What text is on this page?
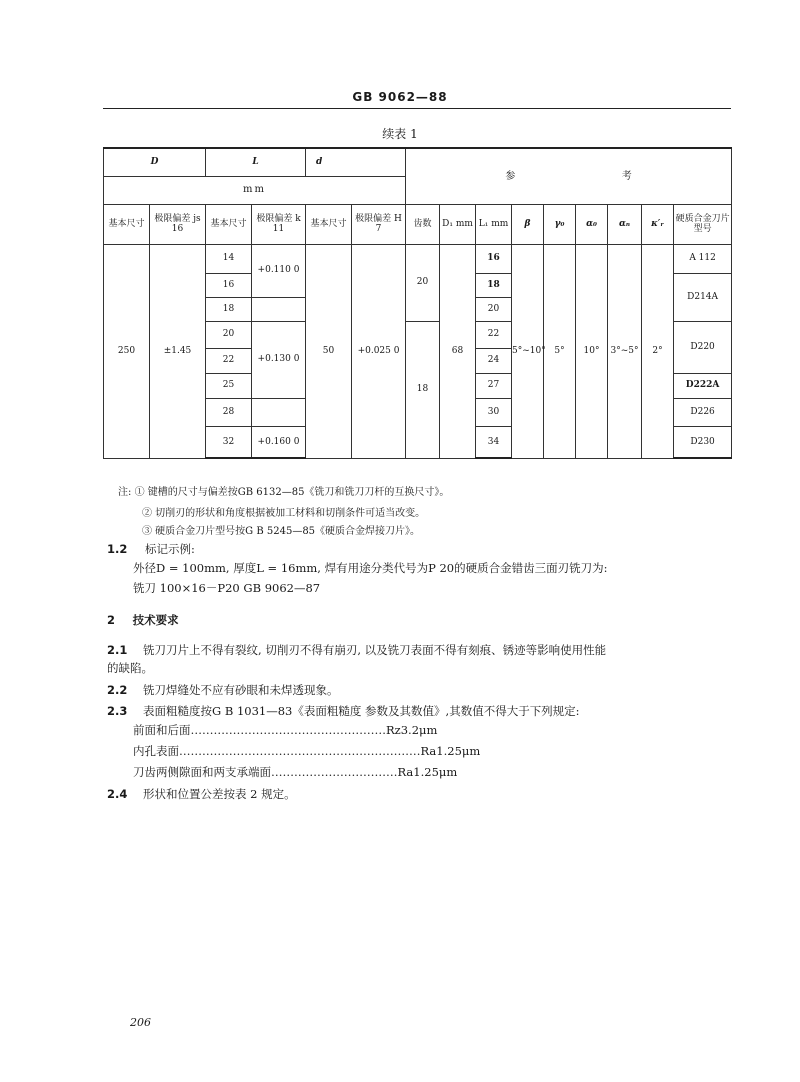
GB 9062—88
续表 1
D		L		d		参 考								
mm														
基本尺寸	极限偏差 js 16	基本尺寸	极限偏差 k 11	基本尺寸	极限偏差 H 7	齿数	D₁ mm	L₁ mm	β	γ₀	α₀	αₙ	κ′ᵣ	硬质合金刀片型号
250	±1.45	14	+0.110 0	50	+0.025 0	20	68	16	5°~10°	5°	10°	3°~5°	2°	A 112
		16						18						D214A
		18						20						
		20	+0.130 0			18		22						D220
		22						24						
		25						27						D222A
		28						30						D226
		32	+0.160 0					34						D230
注: ① 键槽的尺寸与偏差按GB 6132—85《铣刀和铣刀刀杆的互换尺寸》。
② 切削刃的形状和角度根据被加工材料和切削条件可适当改变。
③ 硬质合金刀片型号按G B 5245—85《硬质合金焊接刀片》。
1.2 标记示例:
外径D = 100mm, 厚度L = 16mm, 焊有用途分类代号为P 20的硬质合金错齿三面刃铣刀为:
铣刀 100×16－P20 GB 9062—87
2 技术要求
2.1 铣刀刀片上不得有裂纹, 切削刃不得有崩刃, 以及铣刀表面不得有刻痕、锈迹等影响使用性能
的缺陷。
2.2 铣刀焊缝处不应有砂眼和未焊透现象。
2.3 表面粗糙度按G B 1031—83《表面粗糙度 参数及其数值》,其数值不得大于下列规定:
前面和后面……………………………………………Rz3.2μm
内孔表面………………………………………………………Ra1.25μm
刀齿两侧隙面和两支承端面……………………………Ra1.25μm
2.4 形状和位置公差按表 2 规定。
206
